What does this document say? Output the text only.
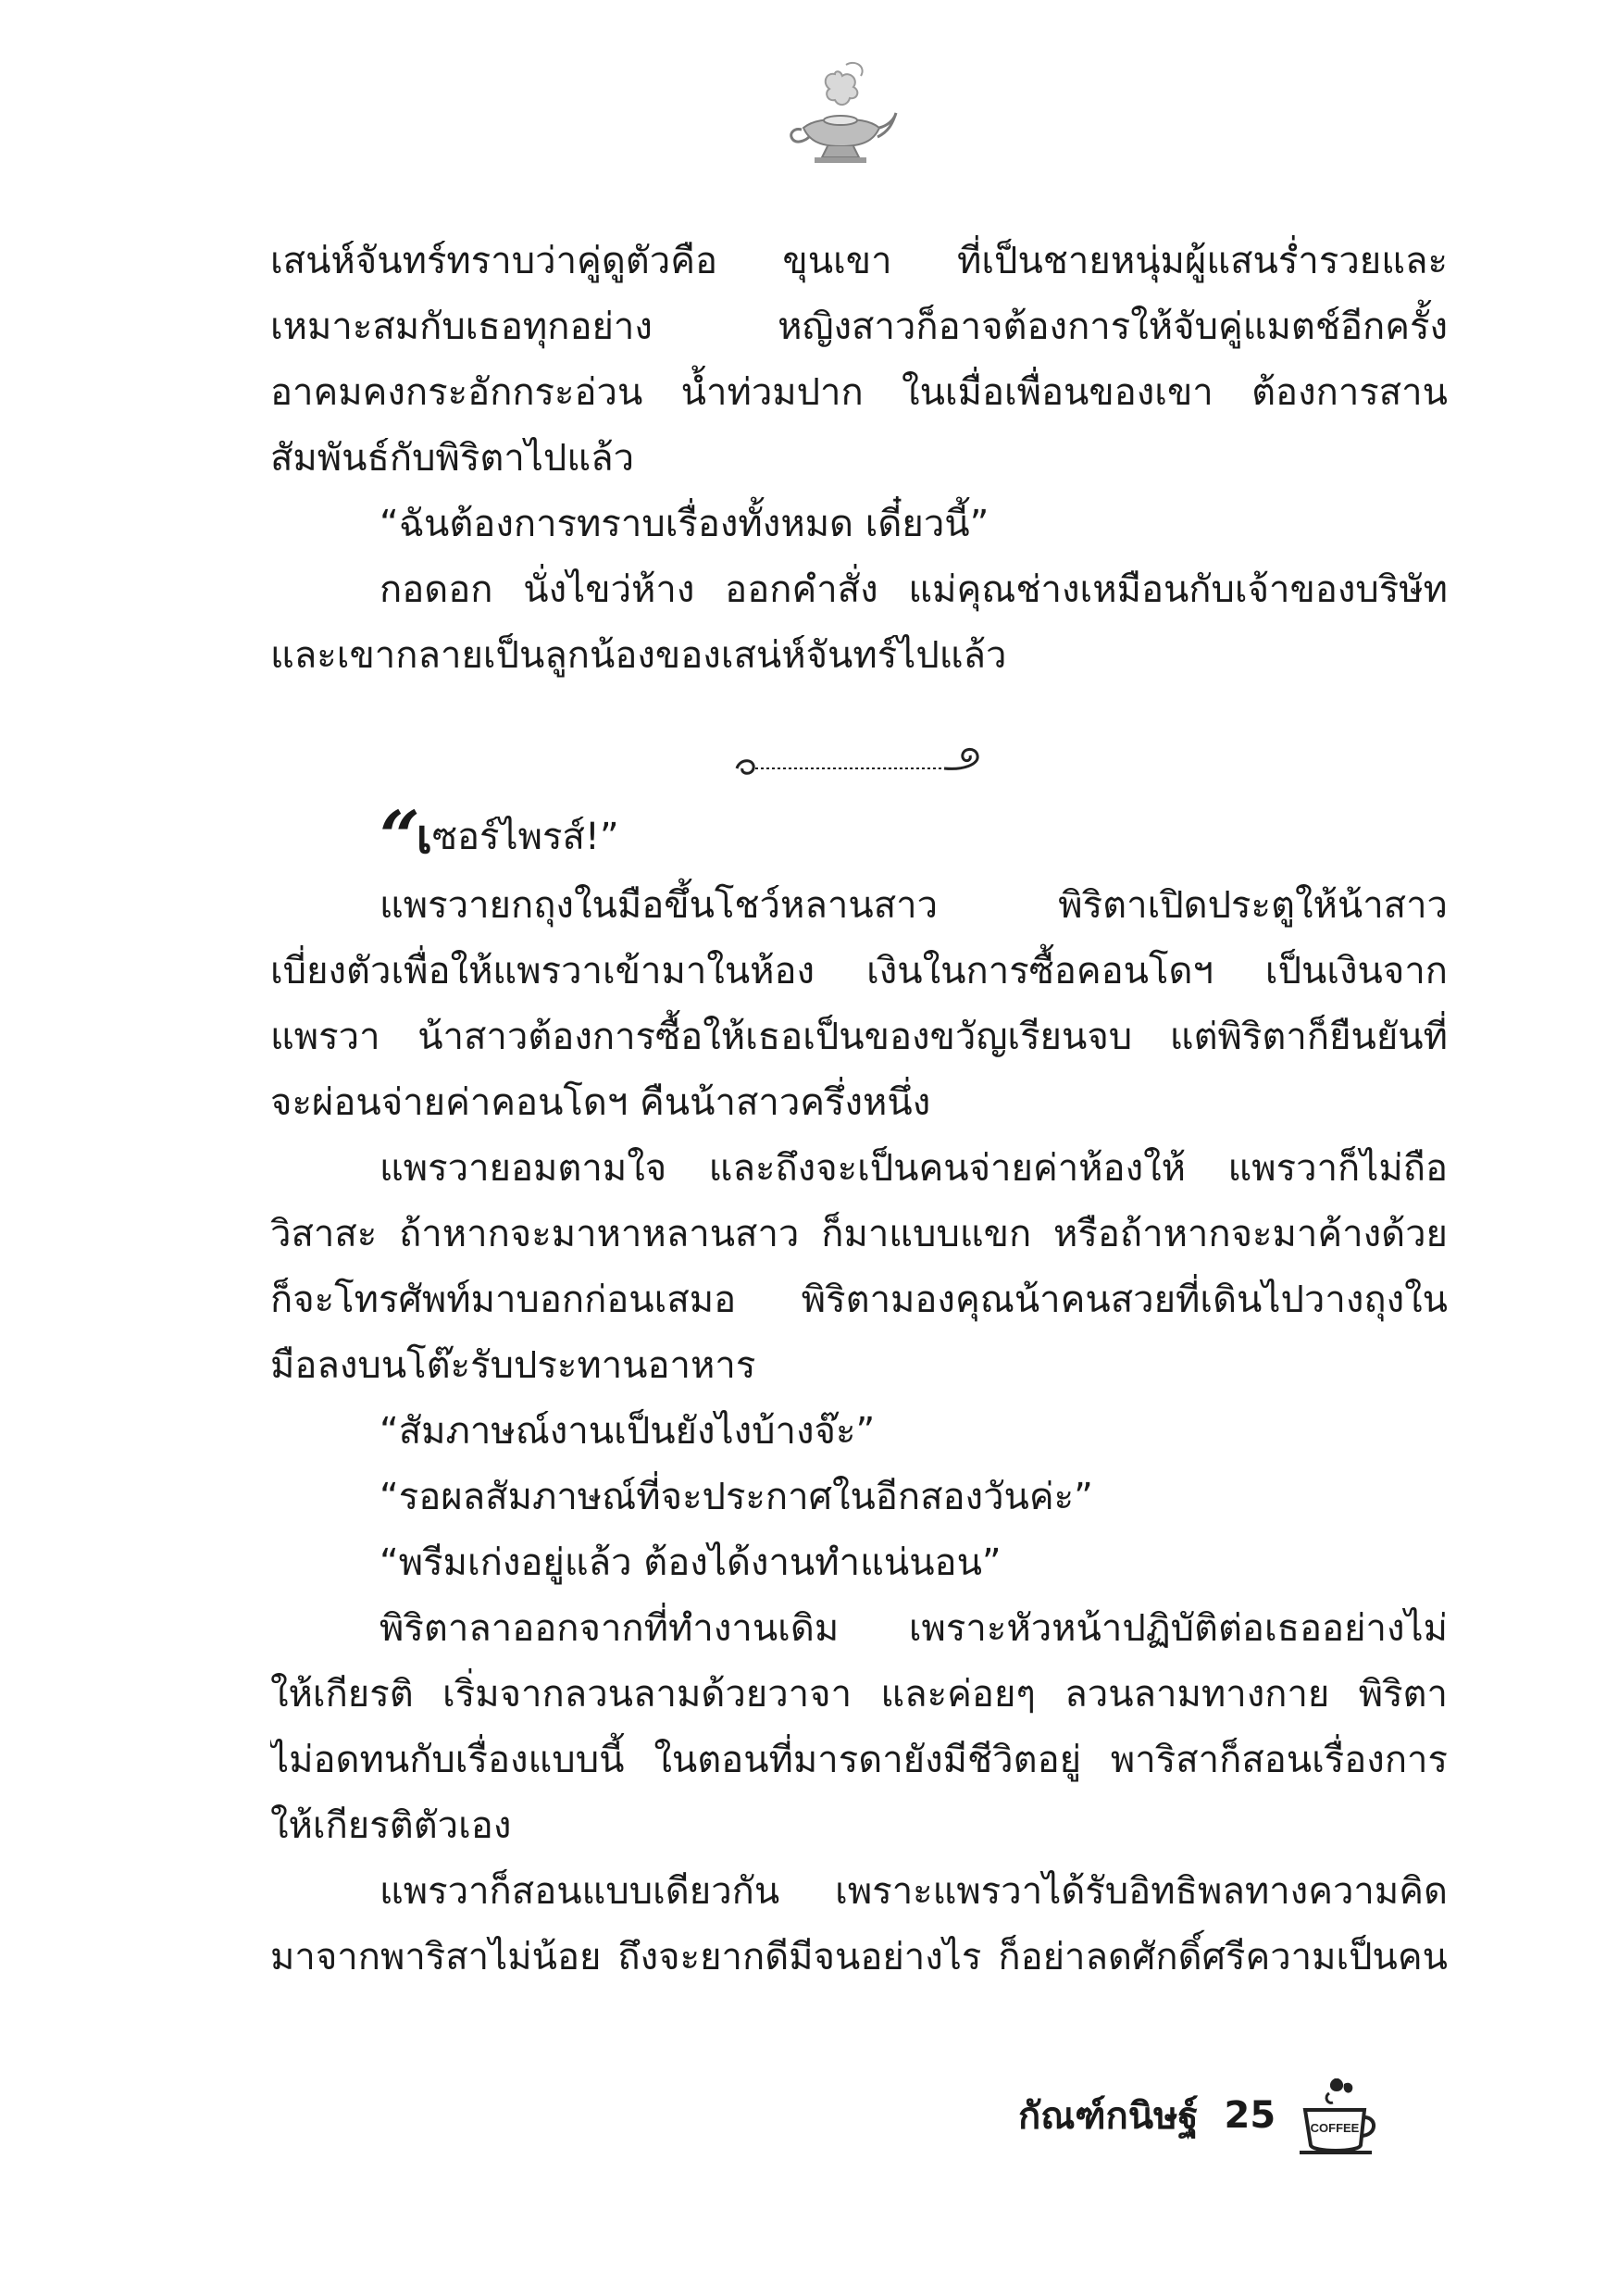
เสน่ห์จันทร์ทราบว่าคู่ดูตัวคือ ขุนเขา ที่เป็นชายหนุ่มผู้แสนร่ำรวยและ
เหมาะสมกับเธอทุกอย่าง หญิงสาวก็อาจต้องการให้จับคู่แมตช์อีกครั้ง
อาคมคงกระอักกระอ่วน น้ำท่วมปาก ในเมื่อเพื่อนของเขา ต้องการสาน
สัมพันธ์กับพิริตาไปแล้ว
“ฉันต้องการทราบเรื่องทั้งหมด เดี๋ยวนี้”
กอดอก นั่งไขว่ห้าง ออกคำสั่ง แม่คุณช่างเหมือนกับเจ้าของบริษัท
และเขากลายเป็นลูกน้องของเสน่ห์จันทร์ไปแล้ว
“ เ ซอร์ไพรส์!”
แพรวายกถุงในมือขึ้นโชว์หลานสาว พิริตาเปิดประตูให้น้าสาว
เบี่ยงตัวเพื่อให้แพรวาเข้ามาในห้อง เงินในการซื้อคอนโดฯ เป็นเงินจาก
แพรวา น้าสาวต้องการซื้อให้เธอเป็นของขวัญเรียนจบ แต่พิริตาก็ยืนยันที่
จะผ่อนจ่ายค่าคอนโดฯ คืนน้าสาวครึ่งหนึ่ง
แพรวายอมตามใจ และถึงจะเป็นคนจ่ายค่าห้องให้ แพรวาก็ไม่ถือ
วิสาสะ ถ้าหากจะมาหาหลานสาว ก็มาแบบแขก หรือถ้าหากจะมาค้างด้วย
ก็จะโทรศัพท์มาบอกก่อนเสมอ พิริตามองคุณน้าคนสวยที่เดินไปวางถุงใน
มือลงบนโต๊ะรับประทานอาหาร
“สัมภาษณ์งานเป็นยังไงบ้างจ๊ะ”
“รอผลสัมภาษณ์ที่จะประกาศในอีกสองวันค่ะ”
“พรีมเก่งอยู่แล้ว ต้องได้งานทำแน่นอน”
พิริตาลาออกจากที่ทำงานเดิม เพราะหัวหน้าปฏิบัติต่อเธออย่างไม่
ให้เกียรติ เริ่มจากลวนลามด้วยวาจา และค่อยๆ ลวนลามทางกาย พิริตา
ไม่อดทนกับเรื่องแบบนี้ ในตอนที่มารดายังมีชีวิตอยู่ พาริสาก็สอนเรื่องการ
ให้เกียรติตัวเอง
แพรวาก็สอนแบบเดียวกัน เพราะแพรวาได้รับอิทธิพลทางความคิด
มาจากพาริสาไม่น้อย ถึงจะยากดีมีจนอย่างไร ก็อย่าลดศักดิ์ศรีความเป็นคน
กัณฑ์กนิษฐ์ 25	COFFEE
